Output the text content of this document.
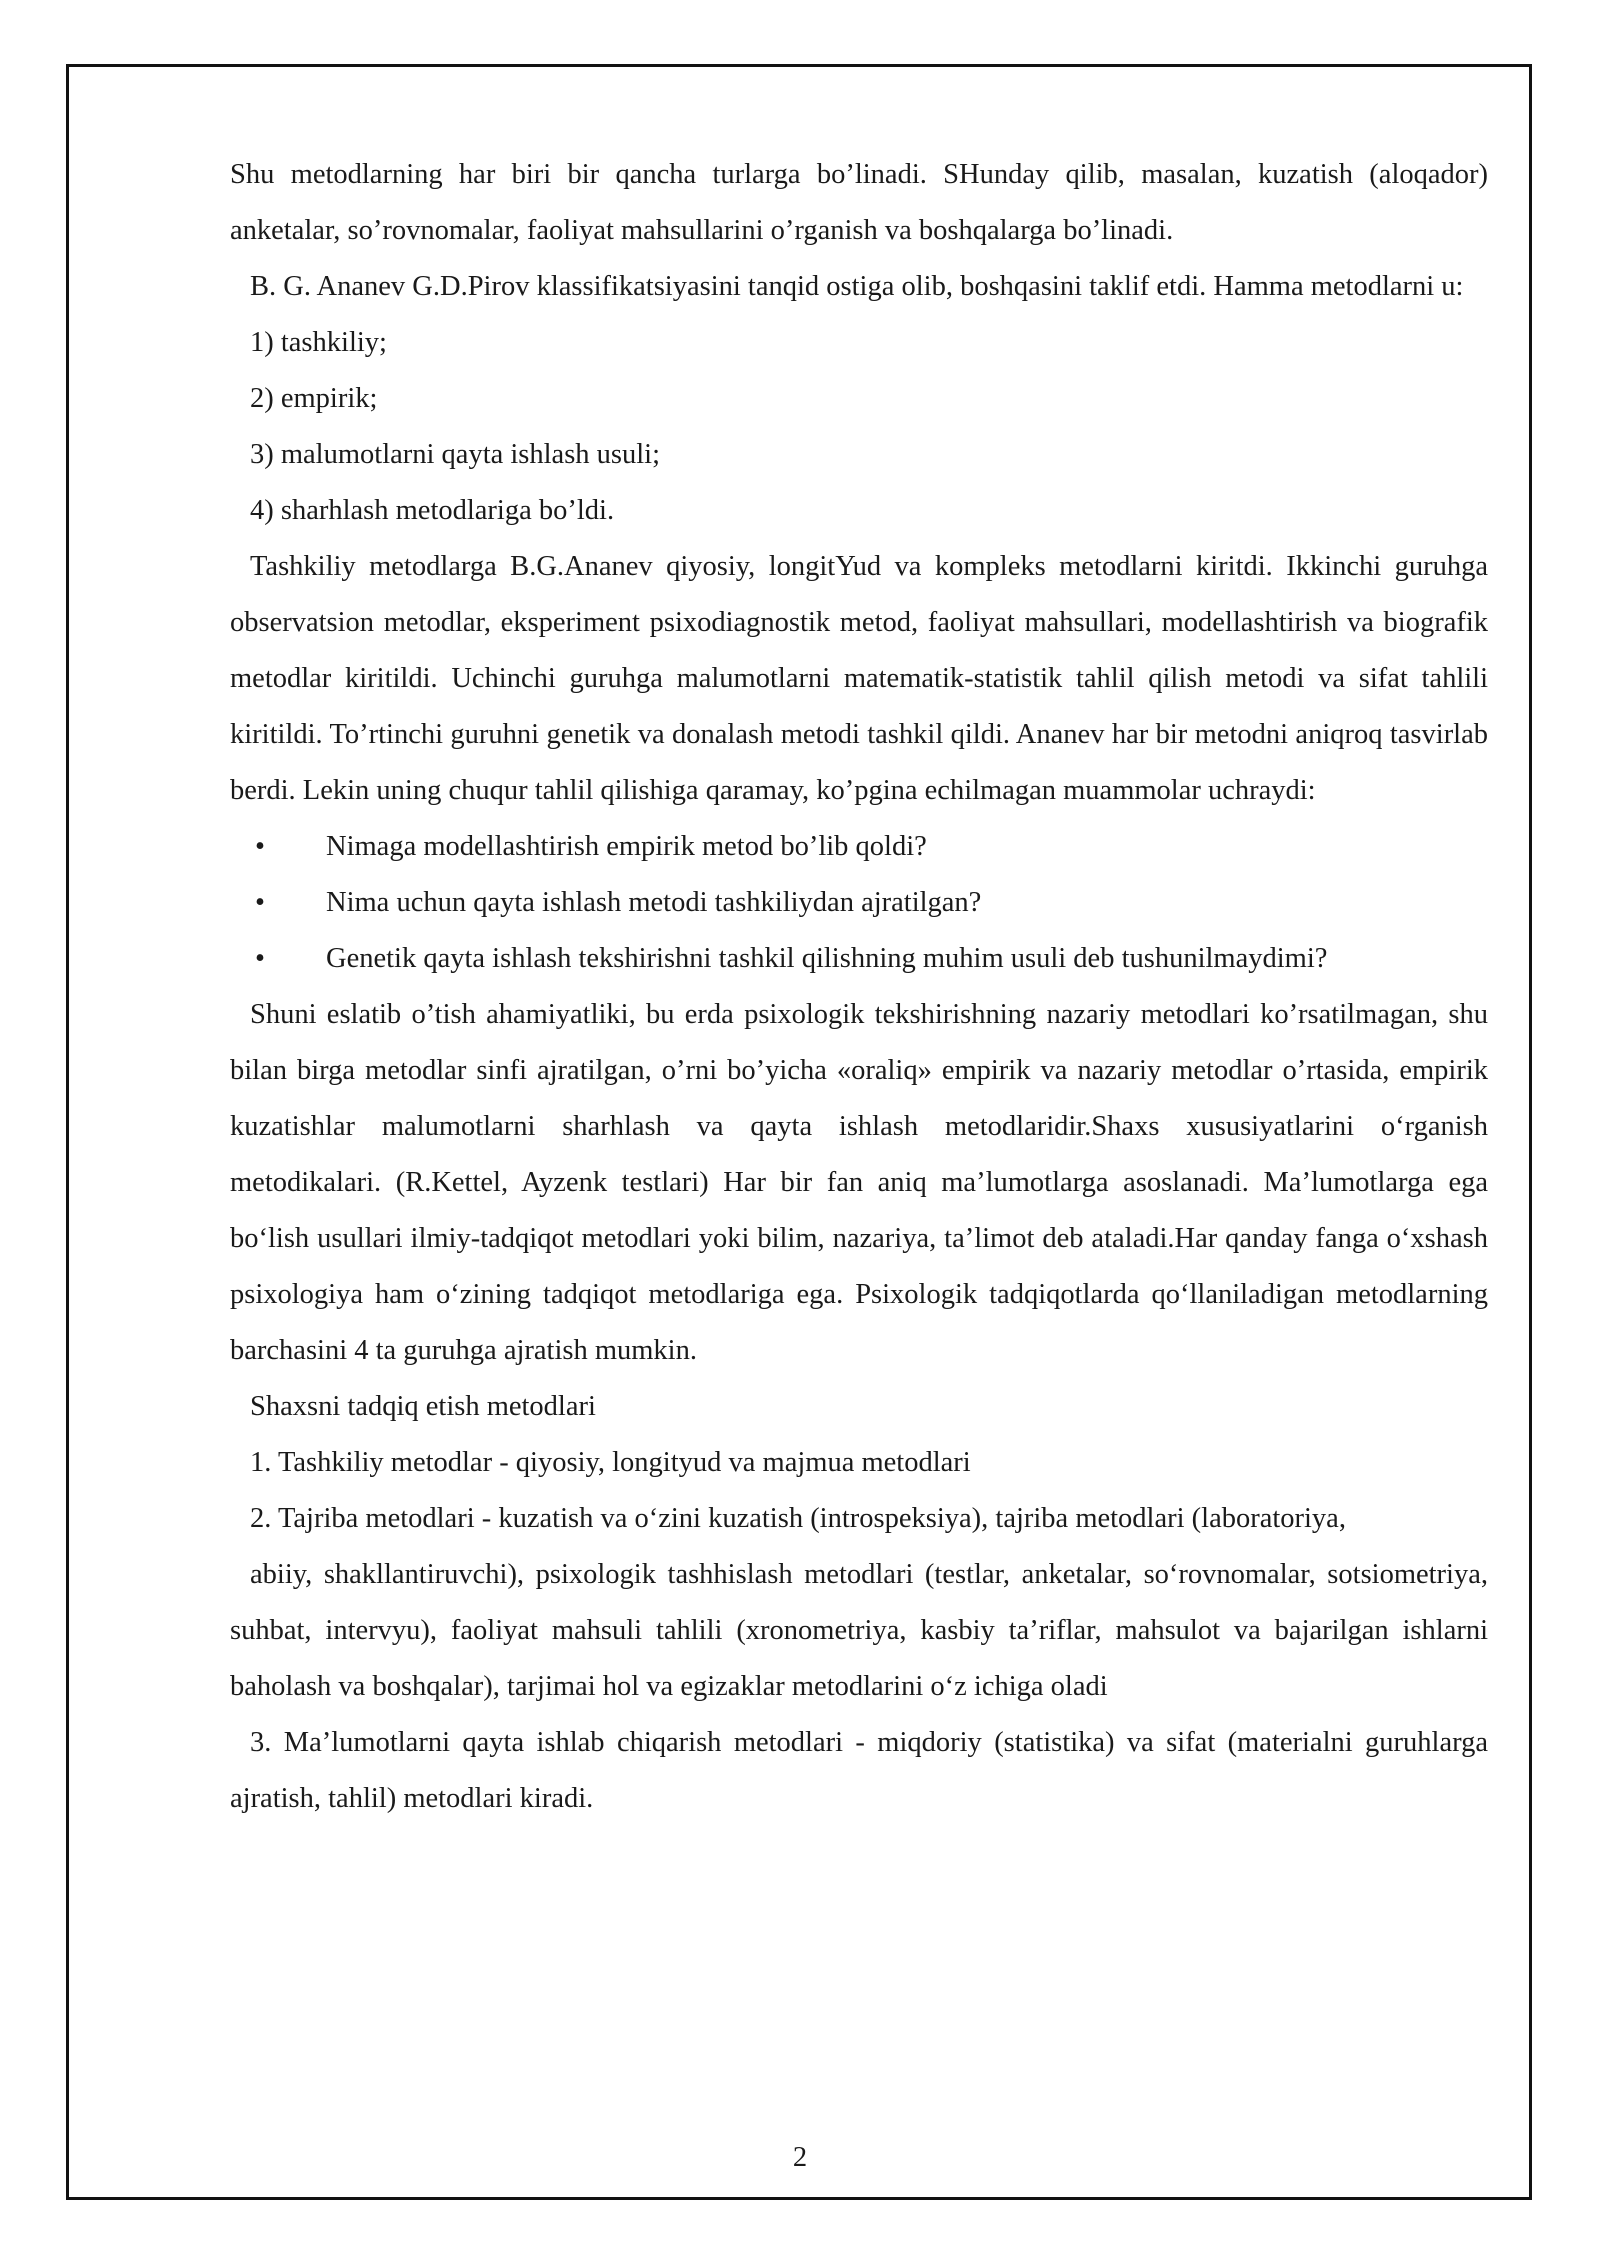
Shu metodlarning har biri bir qancha turlarga bo’linadi. SHunday qilib, masalan, kuzatish (aloqador) anketalar, so’rovnomalar, faoliyat mahsullarini o’rganish va boshqalarga bo’linadi.

B. G. Ananev G.D.Pirov klassifikatsiyasini tanqid ostiga olib, boshqasini taklif etdi. Hamma metodlarni u:

1) tashkiliy;

2) empirik;

3) malumotlarni qayta ishlash usuli;

4) sharhlash metodlariga bo’ldi.

Tashkiliy metodlarga B.G.Ananev qiyosiy, longitYud va kompleks metodlarni kiritdi. Ikkinchi guruhga observatsion metodlar, eksperiment psixodiagnostik metod, faoliyat mahsullari, modellashtirish va biografik metodlar kiritildi. Uchinchi guruhga malumotlarni matematik-statistik tahlil qilish metodi va sifat tahlili kiritildi. To’rtinchi guruhni genetik va donalash metodi tashkil qildi. Ananev har bir metodni aniqroq tasvirlab berdi. Lekin uning chuqur tahlil qilishiga qaramay, ko’pgina echilmagan muammolar uchraydi:

• Nimaga modellashtirish empirik metod bo’lib qoldi?
• Nima uchun qayta ishlash metodi tashkiliydan ajratilgan?
• Genetik qayta ishlash tekshirishni tashkil qilishning muhim usuli deb tushunilmaydimi?

Shuni eslatib o’tish ahamiyatliki, bu erda psixologik tekshirishning nazariy metodlari ko’rsatilmagan, shu bilan birga metodlar sinfi ajratilgan, o’rni bo’yicha «oraliq» empirik va nazariy metodlar o’rtasida, empirik kuzatishlar malumotlarni sharhlash va qayta ishlash metodlaridir.Shaxs xususiyatlarini oʻrganish metodikalari. (R.Kettel, Ayzenk testlari) Har bir fan aniq ma’lumotlarga asoslanadi. Ma’lumotlarga ega boʻlish usullari ilmiy-tadqiqot metodlari yoki bilim, nazariya, ta’limot deb ataladi.Har qanday fanga oʻxshash psixologiya ham oʻzining tadqiqot metodlariga ega. Psixologik tadqiqotlarda qoʻllaniladigan metodlarning barchasini 4 ta guruhga ajratish mumkin.

Shaxsni tadqiq etish metodlari

1. Tashkiliy metodlar - qiyosiy, longityud va majmua metodlari

2. Tajriba metodlari - kuzatish va oʻzini kuzatish (introspeksiya), tajriba metodlari (laboratoriya,

abiiy, shakllantiruvchi), psixologik tashhislash metodlari (testlar, anketalar, soʻrovnomalar, sotsiometriya, suhbat, intervyu), faoliyat mahsuli tahlili (xronometriya, kasbiy ta’riflar, mahsulot va bajarilgan ishlarni baholash va boshqalar), tarjimai hol va egizaklar metodlarini oʻz ichiga oladi

3. Ma’lumotlarni qayta ishlab chiqarish metodlari - miqdoriy (statistika) va sifat (materialni guruhlarga ajratish, tahlil) metodlari kiradi.

2
